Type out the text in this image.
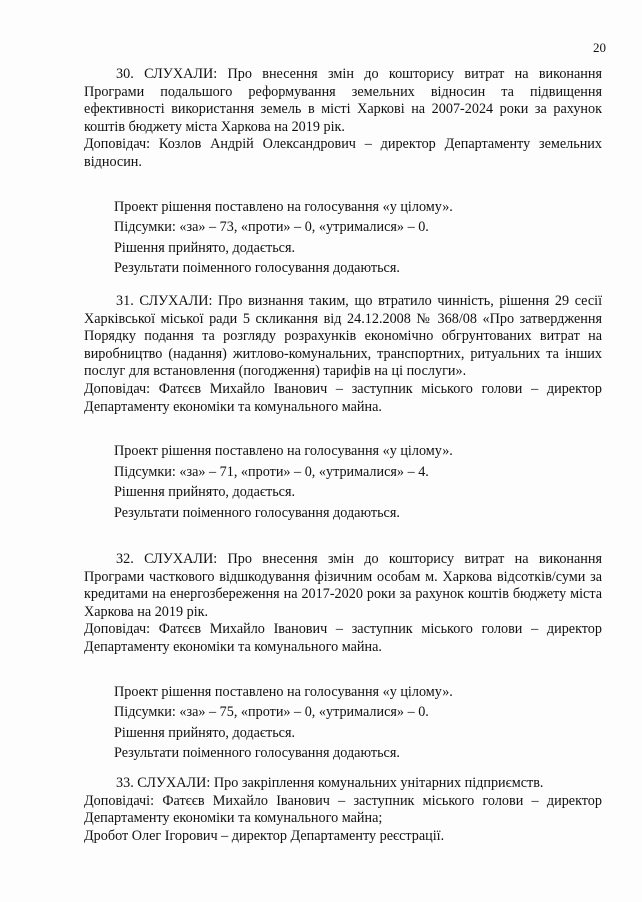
20

30. СЛУХАЛИ: Про внесення змін до кошторису витрат на виконання Програми подальшого реформування земельних відносин та підвищення ефективності використання земель в місті Харкові на 2007-2024 роки за рахунок коштів бюджету міста Харкова на 2019 рік.

Доповідач: Козлов Андрій Олександрович – директор Департаменту земельних відносин.

Проект рішення поставлено на голосування «у цілому».
Підсумки: «за» – 73, «проти» – 0, «утрималися» – 0.
Рішення прийнято, додається.
Результати поіменного голосування додаються.

31. СЛУХАЛИ: Про визнання таким, що втратило чинність, рішення 29 сесії Харківської міської ради 5 скликання від 24.12.2008 № 368/08 «Про затвердження Порядку подання та розгляду розрахунків економічно обгрунтованих витрат на виробництво (надання) житлово-комунальних, транспортних, ритуальних та інших послуг для встановлення (погодження) тарифів на ці послуги».

Доповідач: Фатєєв Михайло Іванович – заступник міського голови – директор Департаменту економіки та комунального майна.

Проект рішення поставлено на голосування «у цілому».
Підсумки: «за» – 71, «проти» – 0, «утрималися» – 4.
Рішення прийнято, додається.
Результати поіменного голосування додаються.

32. СЛУХАЛИ: Про внесення змін до кошторису витрат на виконання Програми часткового відшкодування фізичним особам м. Харкова відсотків/суми за кредитами на енергозбереження на 2017-2020 роки за рахунок коштів бюджету міста Харкова на 2019 рік.

Доповідач: Фатєєв Михайло Іванович – заступник міського голови – директор Департаменту економіки та комунального майна.

Проект рішення поставлено на голосування «у цілому».
Підсумки: «за» – 75, «проти» – 0, «утрималися» – 0.
Рішення прийнято, додається.
Результати поіменного голосування додаються.

33. СЛУХАЛИ: Про закріплення комунальних унітарних підприємств.

Доповідачі: Фатєєв Михайло Іванович – заступник міського голови – директор Департаменту економіки та комунального майна;

Дробот Олег Ігорович – директор Департаменту реєстрації.
